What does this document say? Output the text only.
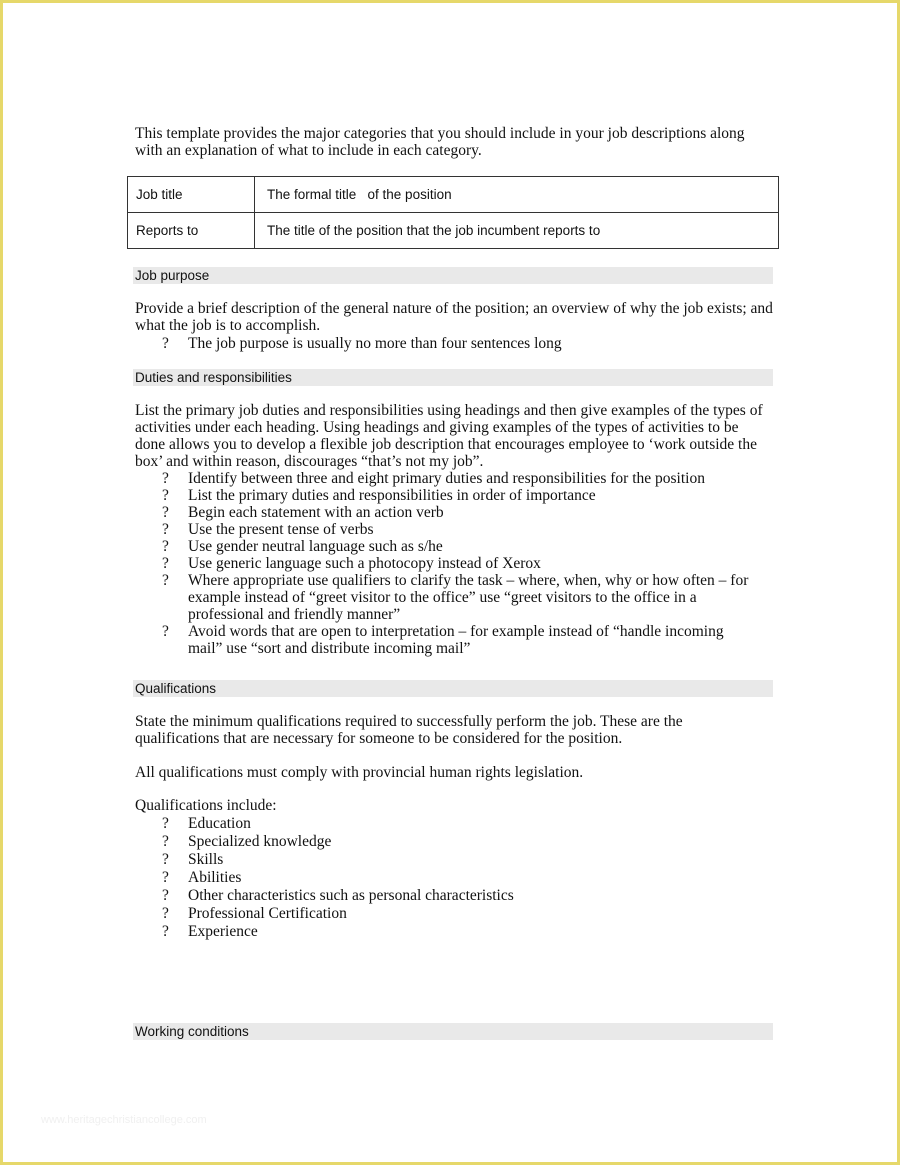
This template provides the major categories that you should include in your job descriptions along with an explanation of what to include in each category.

Job title	The formal title   of the position
Reports to	The title of the position that the job incumbent reports to
Job purpose

Provide a brief description of the general nature of the position; an overview of why the job exists; and what the job is to accomplish.

? The job purpose is usually no more than four sentences long
Duties and responsibilities

List the primary job duties and responsibilities using headings and then give examples of the types of activities under each heading. Using headings and giving examples of the types of activities to be done allows you to develop a flexible job description that encourages employee to ‘work outside the box’ and within reason, discourages “that’s not my job”.

? Identify between three and eight primary duties and responsibilities for the position
? List the primary duties and responsibilities in order of importance
? Begin each statement with an action verb
? Use the present tense of verbs
? Use gender neutral language such as s/he
? Use generic language such a photocopy instead of Xerox
? Where appropriate use qualifiers to clarify the task – where, when, why or how often – for example instead of “greet visitor to the office” use “greet visitors to the office in a professional and friendly manner”
? Avoid words that are open to interpretation – for example instead of “handle incoming mail” use “sort and distribute incoming mail”
Qualifications

State the minimum qualifications required to successfully perform the job. These are the qualifications that are necessary for someone to be considered for the position.

All qualifications must comply with provincial human rights legislation.

Qualifications include:

? Education
? Specialized knowledge
? Skills
? Abilities
? Other characteristics such as personal characteristics
? Professional Certification
? Experience
Working conditions
www.heritagechristiancollege.com
